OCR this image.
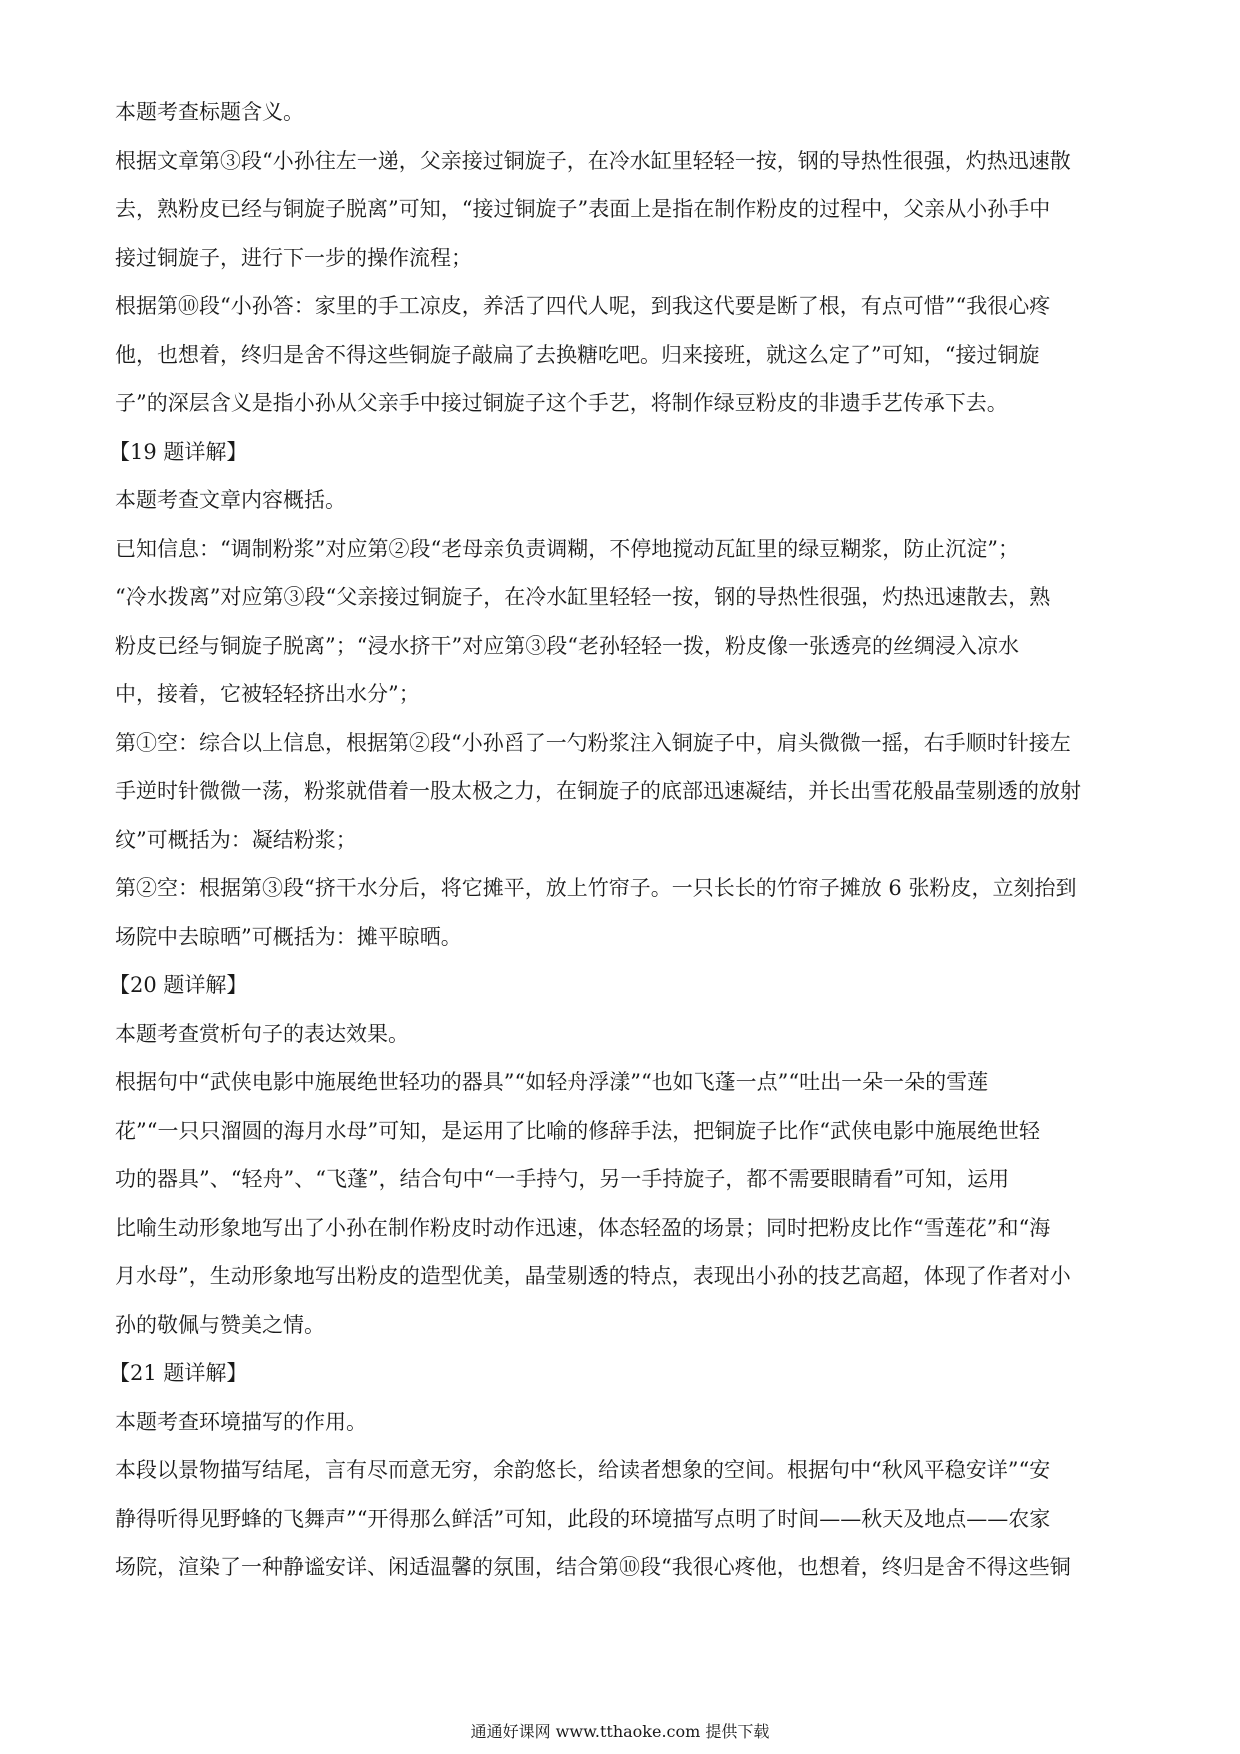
本题考查标题含义。

根据文章第③段“小孙往左一递，父亲接过铜旋子，在冷水缸里轻轻一按，钢的导热性很强，灼热迅速散

去，熟粉皮已经与铜旋子脱离”可知，“接过铜旋子”表面上是指在制作粉皮的过程中，父亲从小孙手中

接过铜旋子，进行下一步的操作流程；

根据第⑩段“小孙答：家里的手工凉皮，养活了四代人呢，到我这代要是断了根，有点可惜”“我很心疼

他，也想着，终归是舍不得这些铜旋子敲扁了去换糖吃吧。归来接班，就这么定了”可知，“接过铜旋

子”的深层含义是指小孙从父亲手中接过铜旋子这个手艺，将制作绿豆粉皮的非遗手艺传承下去。

【19 题详解】

本题考查文章内容概括。

已知信息：“调制粉浆”对应第②段“老母亲负责调糊，不停地搅动瓦缸里的绿豆糊浆，防止沉淀”；

“冷水拨离”对应第③段“父亲接过铜旋子，在冷水缸里轻轻一按，钢的导热性很强，灼热迅速散去，熟

粉皮已经与铜旋子脱离”；“浸水挤干”对应第③段“老孙轻轻一拨，粉皮像一张透亮的丝绸浸入凉水

中，接着，它被轻轻挤出水分”；

第①空：综合以上信息，根据第②段“小孙舀了一勺粉浆注入铜旋子中，肩头微微一摇，右手顺时针接左

手逆时针微微一荡，粉浆就借着一股太极之力，在铜旋子的底部迅速凝结，并长出雪花般晶莹剔透的放射

纹”可概括为：凝结粉浆；

第②空：根据第③段“挤干水分后，将它摊平，放上竹帘子。一只长长的竹帘子摊放 6 张粉皮，立刻抬到

场院中去晾晒”可概括为：摊平晾晒。

【20 题详解】

本题考查赏析句子的表达效果。

根据句中“武侠电影中施展绝世轻功的器具”“如轻舟浮漾”“也如飞蓬一点”“吐出一朵一朵的雪莲

花”“一只只溜圆的海月水母”可知，是运用了比喻的修辞手法，把铜旋子比作“武侠电影中施展绝世轻

功的器具”、“轻舟”、“飞蓬”，结合句中“一手持勺，另一手持旋子，都不需要眼睛看”可知，运用

比喻生动形象地写出了小孙在制作粉皮时动作迅速，体态轻盈的场景；同时把粉皮比作“雪莲花”和“海

月水母”，生动形象地写出粉皮的造型优美，晶莹剔透的特点，表现出小孙的技艺高超，体现了作者对小

孙的敬佩与赞美之情。

【21 题详解】

本题考查环境描写的作用。

本段以景物描写结尾，言有尽而意无穷，余韵悠长，给读者想象的空间。根据句中“秋风平稳安详”“安

静得听得见野蜂的飞舞声”“开得那么鲜活”可知，此段的环境描写点明了时间——秋天及地点——农家

场院，渲染了一种静谧安详、闲适温馨的氛围，结合第⑩段“我很心疼他，也想着，终归是舍不得这些铜

通通好课网 www.tthaoke.com 提供下载
